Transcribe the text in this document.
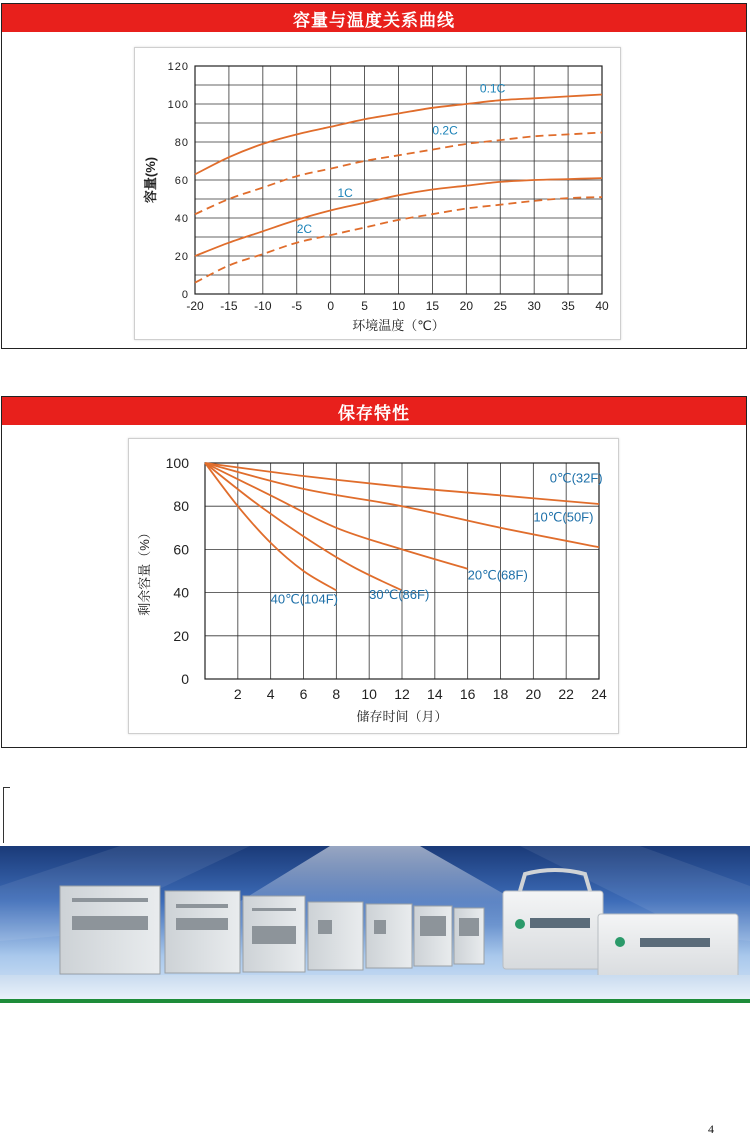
容量与温度关系曲线
0
20
40
60
80
100
120
-20 -15 -10 -5 0 5 10 15 20 25 30 35 40
环境温度（℃）
容量(%)
0.1C
0.2C
1C
2C
保存特性
0
20
40
60
80
100
2 4 6 8 10 12 14 16 18 20 22 24
储存时间（月）
剩余容量（%）
0℃(32F)
10℃(50F)
20℃(68F)
30℃(86F)
40℃(104F)
4
